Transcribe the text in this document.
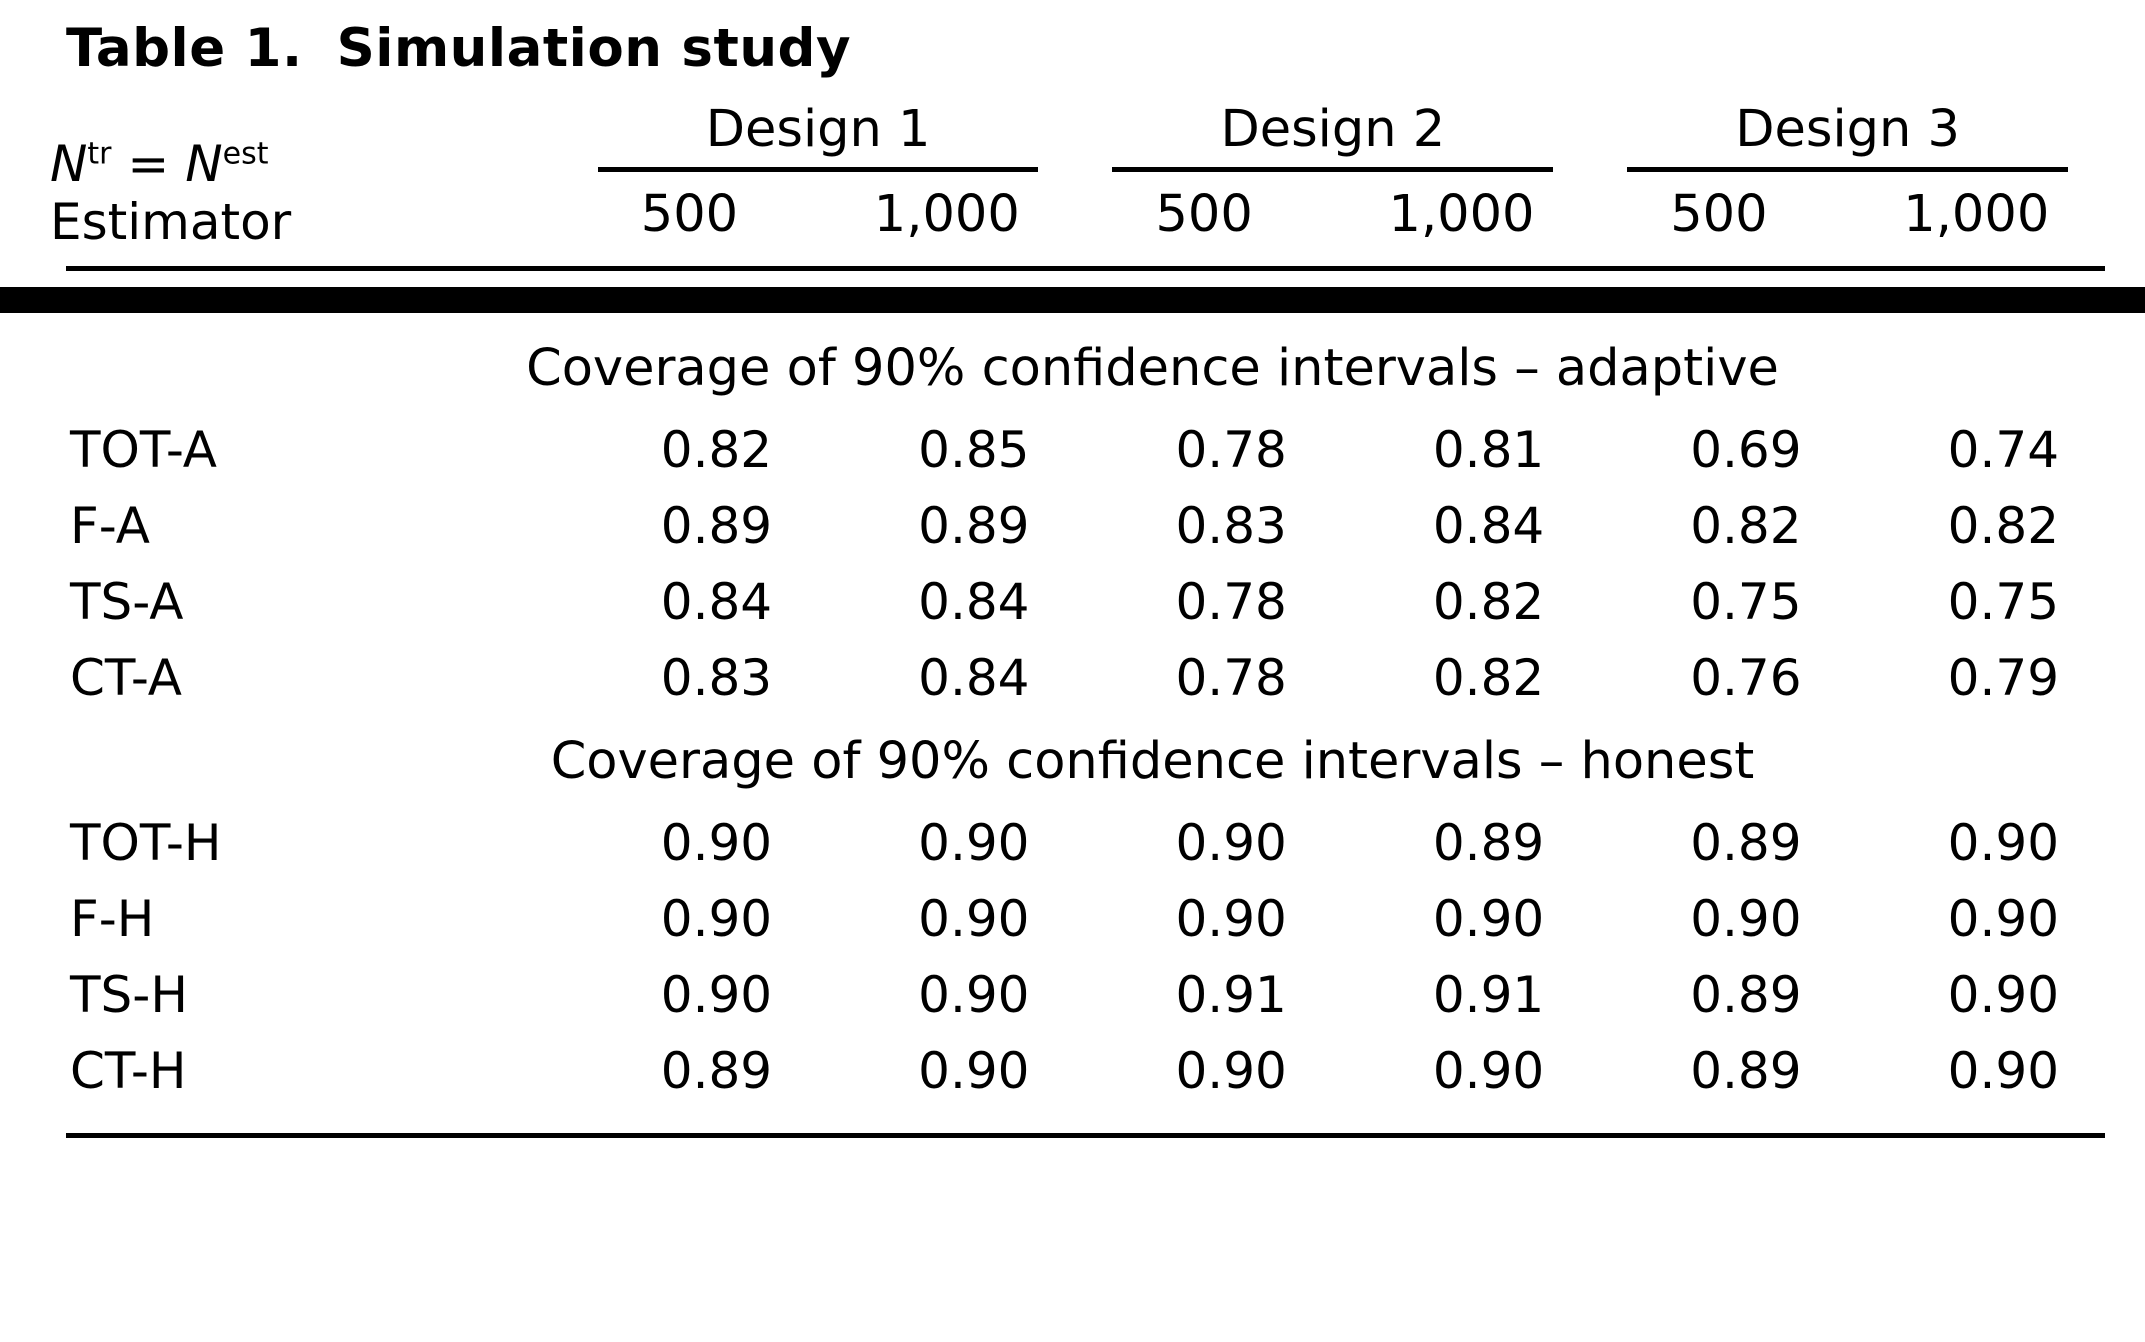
Table 1. Simulation study
$N^{tr} = N^{est}$
Estimator	Design 1		Design 2		Design 3	

	500	1,000	500	1,000	500	1,000
Coverage of 90% confidence intervals – adaptive						
TOT-A	0.82	0.85	0.78	0.81	0.69	0.74
F-A	0.89	0.89	0.83	0.84	0.82	0.82
TS-A	0.84	0.84	0.78	0.82	0.75	0.75
CT-A	0.83	0.84	0.78	0.82	0.76	0.79
Coverage of 90% confidence intervals – honest						
TOT-H	0.90	0.90	0.90	0.89	0.89	0.90
F-H	0.90	0.90	0.90	0.90	0.90	0.90
TS-H	0.90	0.90	0.91	0.91	0.89	0.90
CT-H	0.89	0.90	0.90	0.90	0.89	0.90
